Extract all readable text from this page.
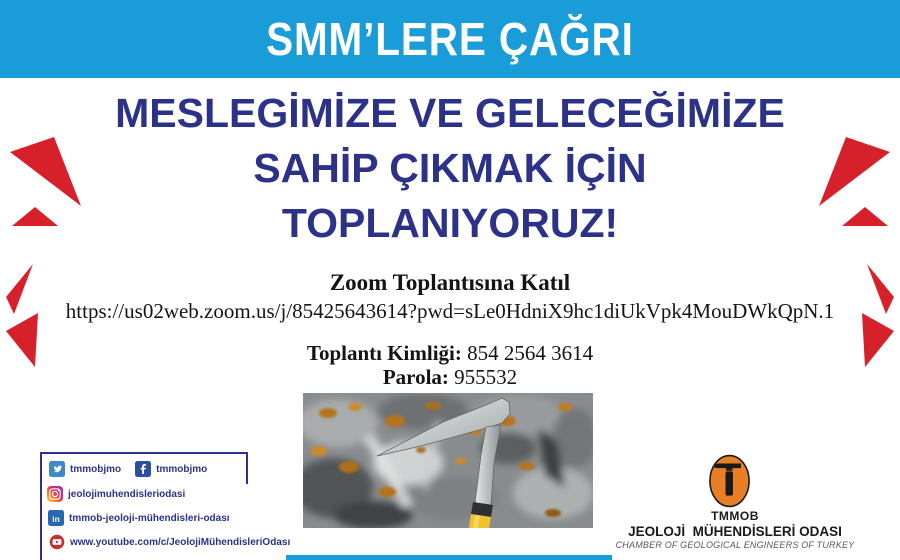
SMM’LERE ÇAĞRI
MESLEGİMİZE VE GELECEĞİMİZE
SAHİP ÇIKMAK İÇİN
TOPLANIYORUZ!
Zoom Toplantısına Katıl
https://us02web.zoom.us/j/85425643614?pwd=sLe0HdniX9hc1diUkVpk4MouDWkQpN.1
Toplantı Kimliği: 854 2564 3614
Parola: 955532
tmmobjmo	tmmobjmo
jeolojimuhendisleriodasi
in tmmob-jeoloji-mühendisleri-odası
www.youtube.com/c/JeolojiMühendisleriOdası
TMMOB
JEOLOJİ  MÜHENDİSLERİ ODASI
CHAMBER OF GEOLOGICAL ENGINEERS OF TURKEY
